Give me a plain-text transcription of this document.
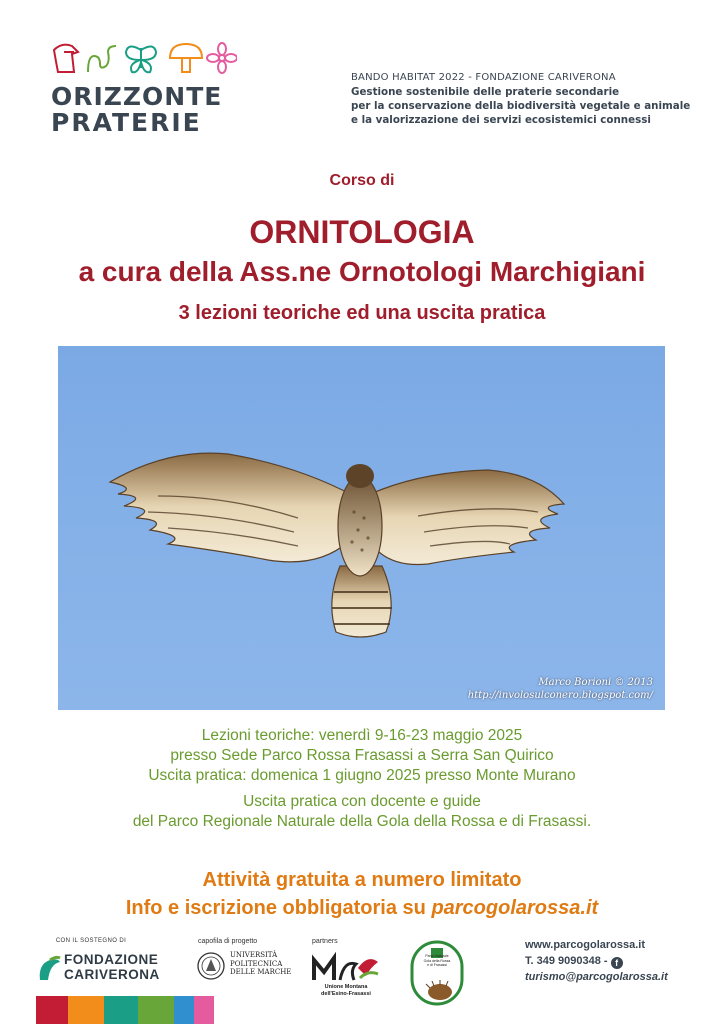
ORIZZONTE
PRATERIE
BANDO HABITAT 2022 - FONDAZIONE CARIVERONA
Gestione sostenibile delle praterie secondarie
per la conservazione della biodiversità vegetale e animale
e la valorizzazione dei servizi ecosistemici connessi
Corso di
ORNITOLOGIA
a cura della Ass.ne Ornotologi Marchigiani
3 lezioni teoriche ed una uscita pratica
Marco Borioni © 2013
http://involosulconero.blogspot.com/
Lezioni teoriche: venerdì 9-16-23 maggio 2025
presso Sede Parco Rossa Frasassi a Serra San Quirico
Uscita pratica: domenica 1 giugno 2025 presso Monte Murano
Uscita pratica con docente e guide
del Parco Regionale Naturale della Gola della Rossa e di Frasassi.
Attività gratuita a numero limitato
Info e iscrizione obbligatoria su parcogolarossa.it
CON IL SOSTEGNO DI
FONDAZIONE
CARIVERONA
capofila di progetto
UNIVERSITÀ
POLITECNICA
DELLE MARCHE
partners
Unione Montana
dell'Esino-Frasassi
Parco Naturale
Gola della Rossa
e di Frasassi
www.parcogolarossa.it
T. 349 9090348 - f
turismo@parcogolarossa.it
